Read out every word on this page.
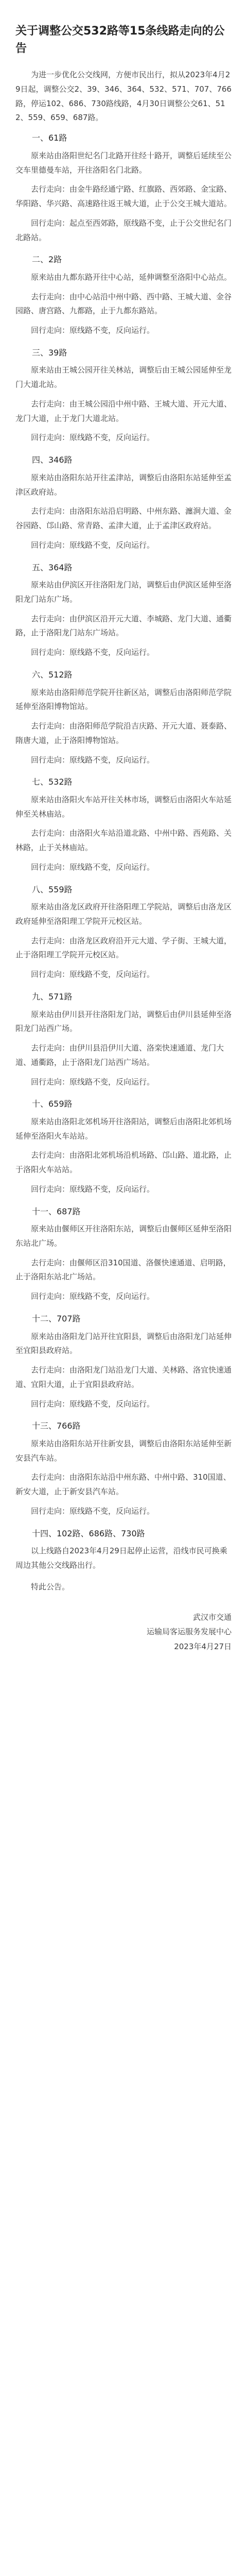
关于调整公交532路等15条线路走向的公告

为进一步优化公交线网，方便市民出行，拟从2023年4月29日起，调整公交2、39、346、364、532、571、707、766路，停运102、686、730路线路，4月30日调整公交61、512、559、659、687路。

一、61路

原来站由洛阳世纪名门北路开往经十路开，调整后延续至公交车里德曼车站，开往洛阳名门北路。

去行走向：由金牛路经通宁路、红旗路、西郊路、金宝路、华阳路、华兴路、高速路往返王城大道，止于公交王城大道站。

回行走向：起点至西郊路，原线路不变，止于公交世纪名门北路站。

二、2路

原来站由九都东路开往中心站，延伸调整至洛阳中心站点。

去行走向：由中心站沿中州中路、西中路、王城大道、金谷园路、唐宫路、九都路，止于九都东路站。

回行走向：原线路不变，反向运行。

三、39路

原来站由王城公园开往关林站，调整后由王城公园延伸至龙门大道北站。

去行走向：由王城公园沿中州中路、王城大道、开元大道、龙门大道，止于龙门大道北站。

回行走向：原线路不变，反向运行。

四、346路

原来站由洛阳东站开往孟津站，调整后由洛阳东站延伸至孟津区政府站。

去行走向：由洛阳东站沿启明路、中州东路、瀍涧大道、金谷园路、邙山路、常青路、孟津大道，止于孟津区政府站。

回行走向：原线路不变，反向运行。

五、364路

原来站由伊滨区开往洛阳龙门站，调整后由伊滨区延伸至洛阳龙门站东广场。

去行走向：由伊滨区沿开元大道、李城路、龙门大道、通衢路，止于洛阳龙门站东广场站。

回行走向：原线路不变，反向运行。

六、512路

原来站由洛阳师范学院开往新区站，调整后由洛阳师范学院延伸至洛阳博物馆站。

去行走向：由洛阳师范学院沿吉庆路、开元大道、聂泰路、隋唐大道，止于洛阳博物馆站。

回行走向：原线路不变，反向运行。

七、532路

原来站由洛阳火车站开往关林市场，调整后由洛阳火车站延伸至关林庙站。

去行走向：由洛阳火车站沿道北路、中州中路、西苑路、关林路，止于关林庙站。

回行走向：原线路不变，反向运行。

八、559路

原来站由洛龙区政府开往洛阳理工学院站，调整后由洛龙区政府延伸至洛阳理工学院开元校区站。

去行走向：由洛龙区政府沿开元大道、学子街、王城大道，止于洛阳理工学院开元校区站。

回行走向：原线路不变，反向运行。

九、571路

原来站由伊川县开往洛阳龙门站，调整后由伊川县延伸至洛阳龙门站西广场。

去行走向：由伊川县沿伊川大道、洛栾快速通道、龙门大道、通衢路，止于洛阳龙门站西广场站。

回行走向：原线路不变，反向运行。

十、659路

原来站由洛阳北郊机场开往洛阳站，调整后由洛阳北郊机场延伸至洛阳火车站站。

去行走向：由洛阳北郊机场沿机场路、邙山路、道北路，止于洛阳火车站站。

回行走向：原线路不变，反向运行。

十一、687路

原来站由偃师区开往洛阳东站，调整后由偃师区延伸至洛阳东站北广场。

去行走向：由偃师区沿310国道、洛偃快速通道、启明路，止于洛阳东站北广场站。

回行走向：原线路不变，反向运行。

十二、707路

原来站由洛阳龙门站开往宜阳县，调整后由洛阳龙门站延伸至宜阳县政府站。

去行走向：由洛阳龙门站沿龙门大道、关林路、洛宜快速通道、宜阳大道，止于宜阳县政府站。

回行走向：原线路不变，反向运行。

十三、766路

原来站由洛阳东站开往新安县，调整后由洛阳东站延伸至新安县汽车站。

去行走向：由洛阳东站沿中州东路、中州中路、310国道、新安大道，止于新安县汽车站。

回行走向：原线路不变，反向运行。

十四、102路、686路、730路

以上线路自2023年4月29日起停止运营，沿线市民可换乘周边其他公交线路出行。

特此公告。

武汉市交通
运输局客运服务发展中心
2023年4月27日
